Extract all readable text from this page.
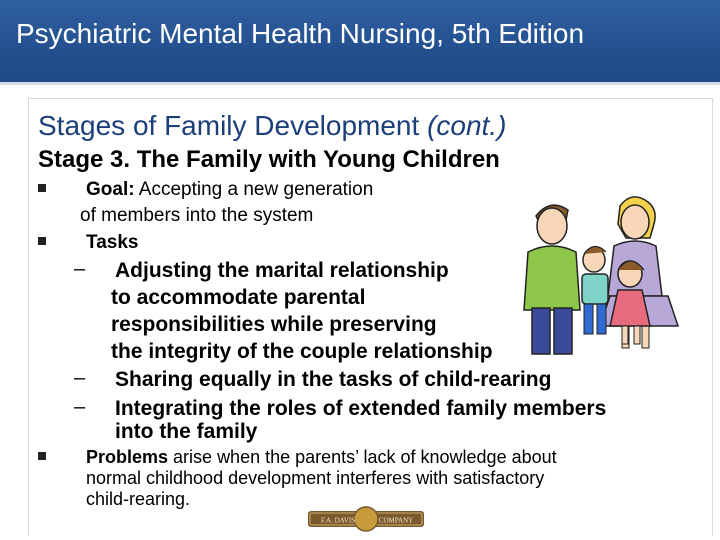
Psychiatric Mental Health Nursing, 5th Edition
Stages of Family Development (cont.)
Stage 3. The Family with Young Children
Goal: Accepting a new generation
of members into the system
Tasks
– Adjusting the marital relationship
to accommodate parental
responsibilities while preserving
the integrity of the couple relationship
– Sharing equally in the tasks of child-rearing
– Integrating the roles of extended family members
into the family
Problems arise when the parents’ lack of knowledge about
normal childhood development interferes with satisfactory
child-rearing.
F.A. DAVIS	COMPANY
